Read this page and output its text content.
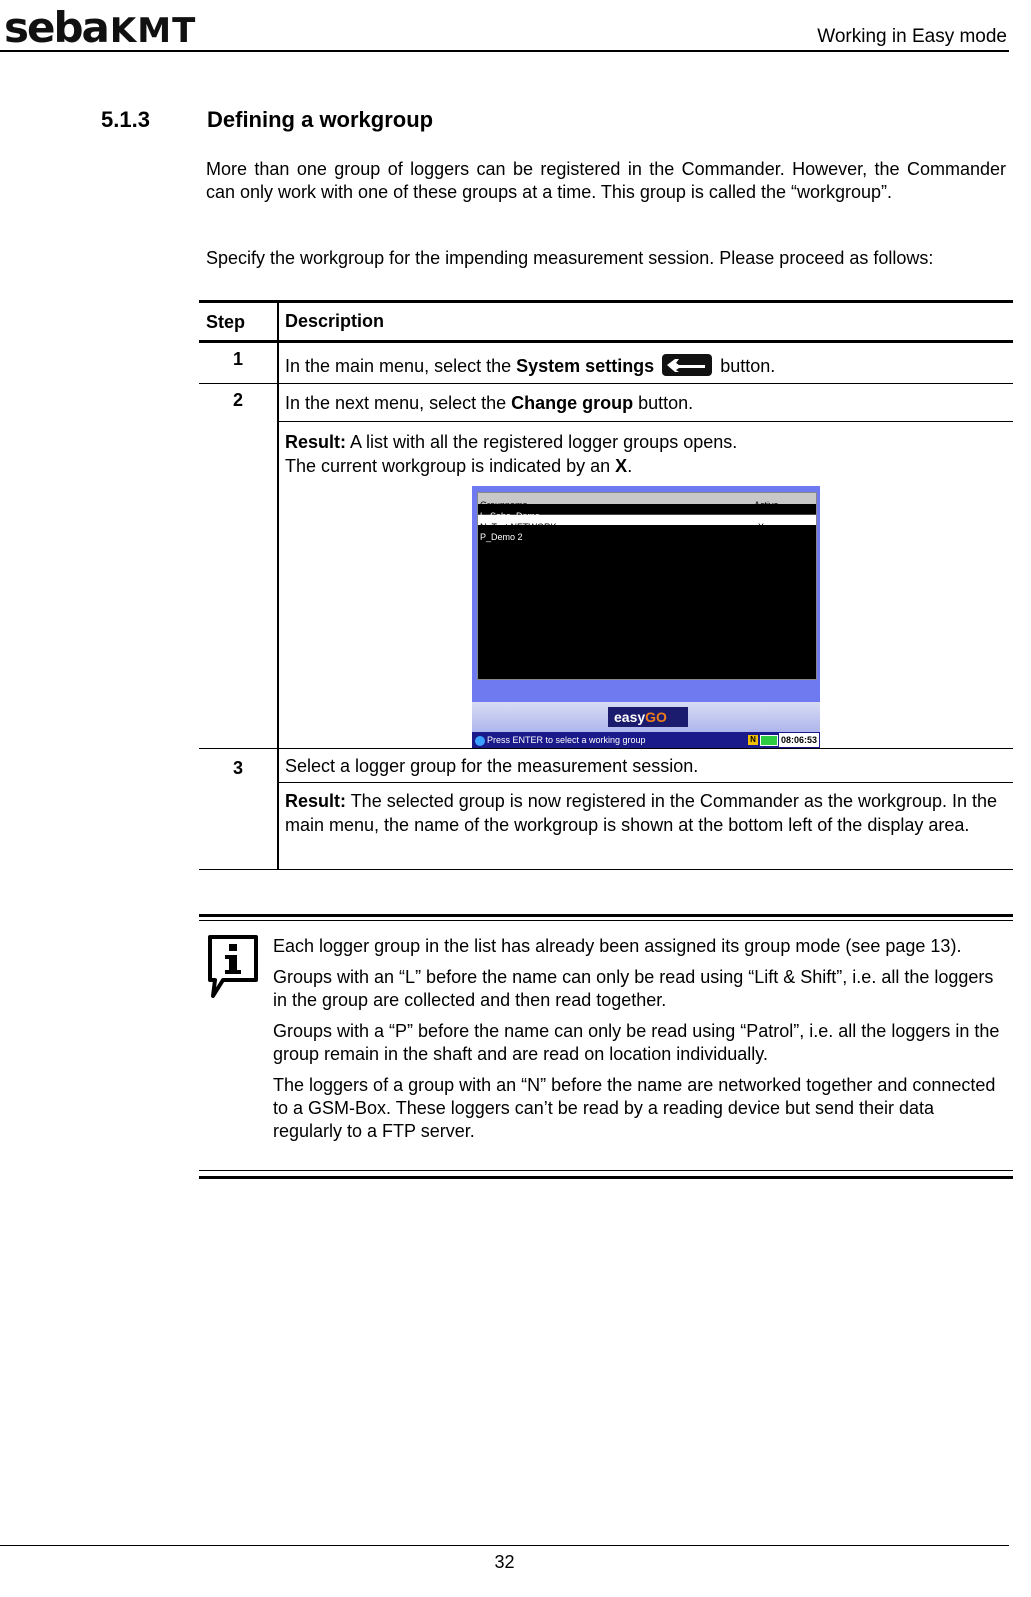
sebaKMT	Working in Easy mode
5.1.3	Defining a workgroup
More than one group of loggers can be registered in the Commander. However, the Commander can only work with one of these groups at a time. This group is called the “workgroup”.
Specify the workgroup for the impending measurement session. Please proceed as follows:
Step	Description
1	In the main menu, select the System settings	button.
2	In the next menu, select the Change group button.
Result: A list with all the registered logger groups opens.
The current workgroup is indicated by an X.
Groupname	Active
N_Test NETWORK	X
P_Demo 2
easyGO
Press ENTER to select a working group	N	08:06:53
3	Select a logger group for the measurement session.
Result: The selected group is now registered in the Commander as the workgroup. In the main menu, the name of the workgroup is shown at the bottom left of the display area.

Each logger group in the list has already been assigned its group mode (see page 13).

Groups with an “L” before the name can only be read using “Lift & Shift”, i.e. all the loggers in the group are collected and then read together.

Groups with a “P” before the name can only be read using “Patrol”, i.e. all the loggers in the group remain in the shaft and are read on location individually.

The loggers of a group with an “N” before the name are networked together and connected to a GSM-Box. These loggers can’t be read by a reading device but send their data regularly to a FTP server.

32
